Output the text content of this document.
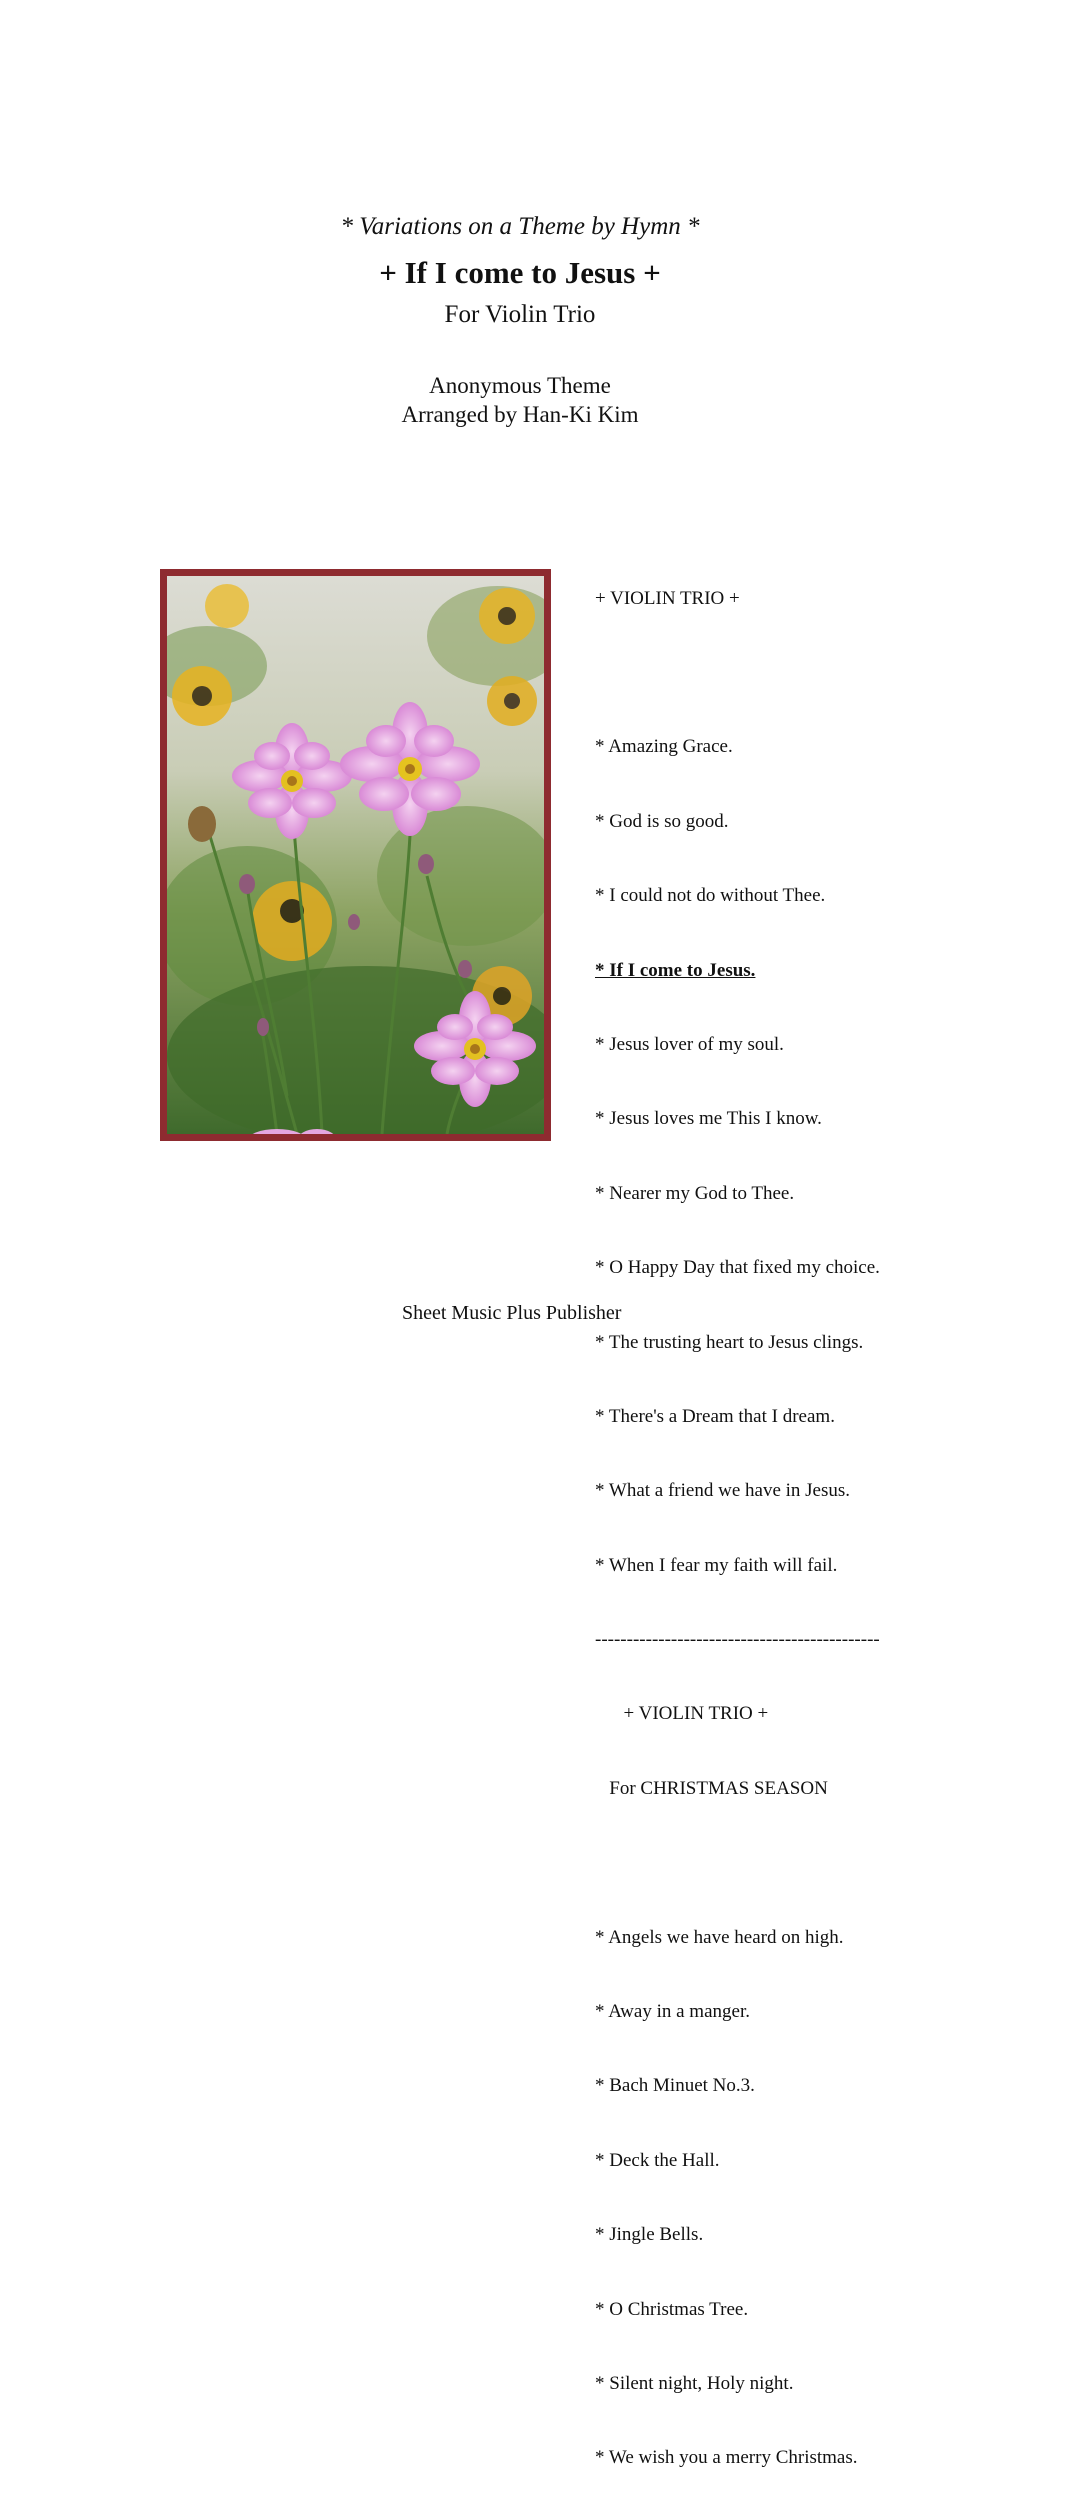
* Variations on a Theme by Hymn *
+ If I come to Jesus +
For Violin Trio
Anonymous Theme
Arranged by Han-Ki Kim

+ VIOLIN TRIO +

* Amazing Grace.

* God is so good.

* I could not do without Thee.

* If I come to Jesus.

* Jesus lover of my soul.

* Jesus loves me This I know.

* Nearer my God to Thee.

* O Happy Day that fixed my choice.

* The trusting heart to Jesus clings.

* There's a Dream that I dream.

* What a friend we have in Jesus.

* When I fear my faith will fail.

---------------------------------------------

+ VIOLIN TRIO +

For CHRISTMAS SEASON

* Angels we have heard on high.

* Away in a manger.

* Bach Minuet No.3.

* Deck the Hall.

* Jingle Bells.

* O Christmas Tree.

* Silent night, Holy night.

* We wish you a merry Christmas.

Sheet Music Plus Publisher
